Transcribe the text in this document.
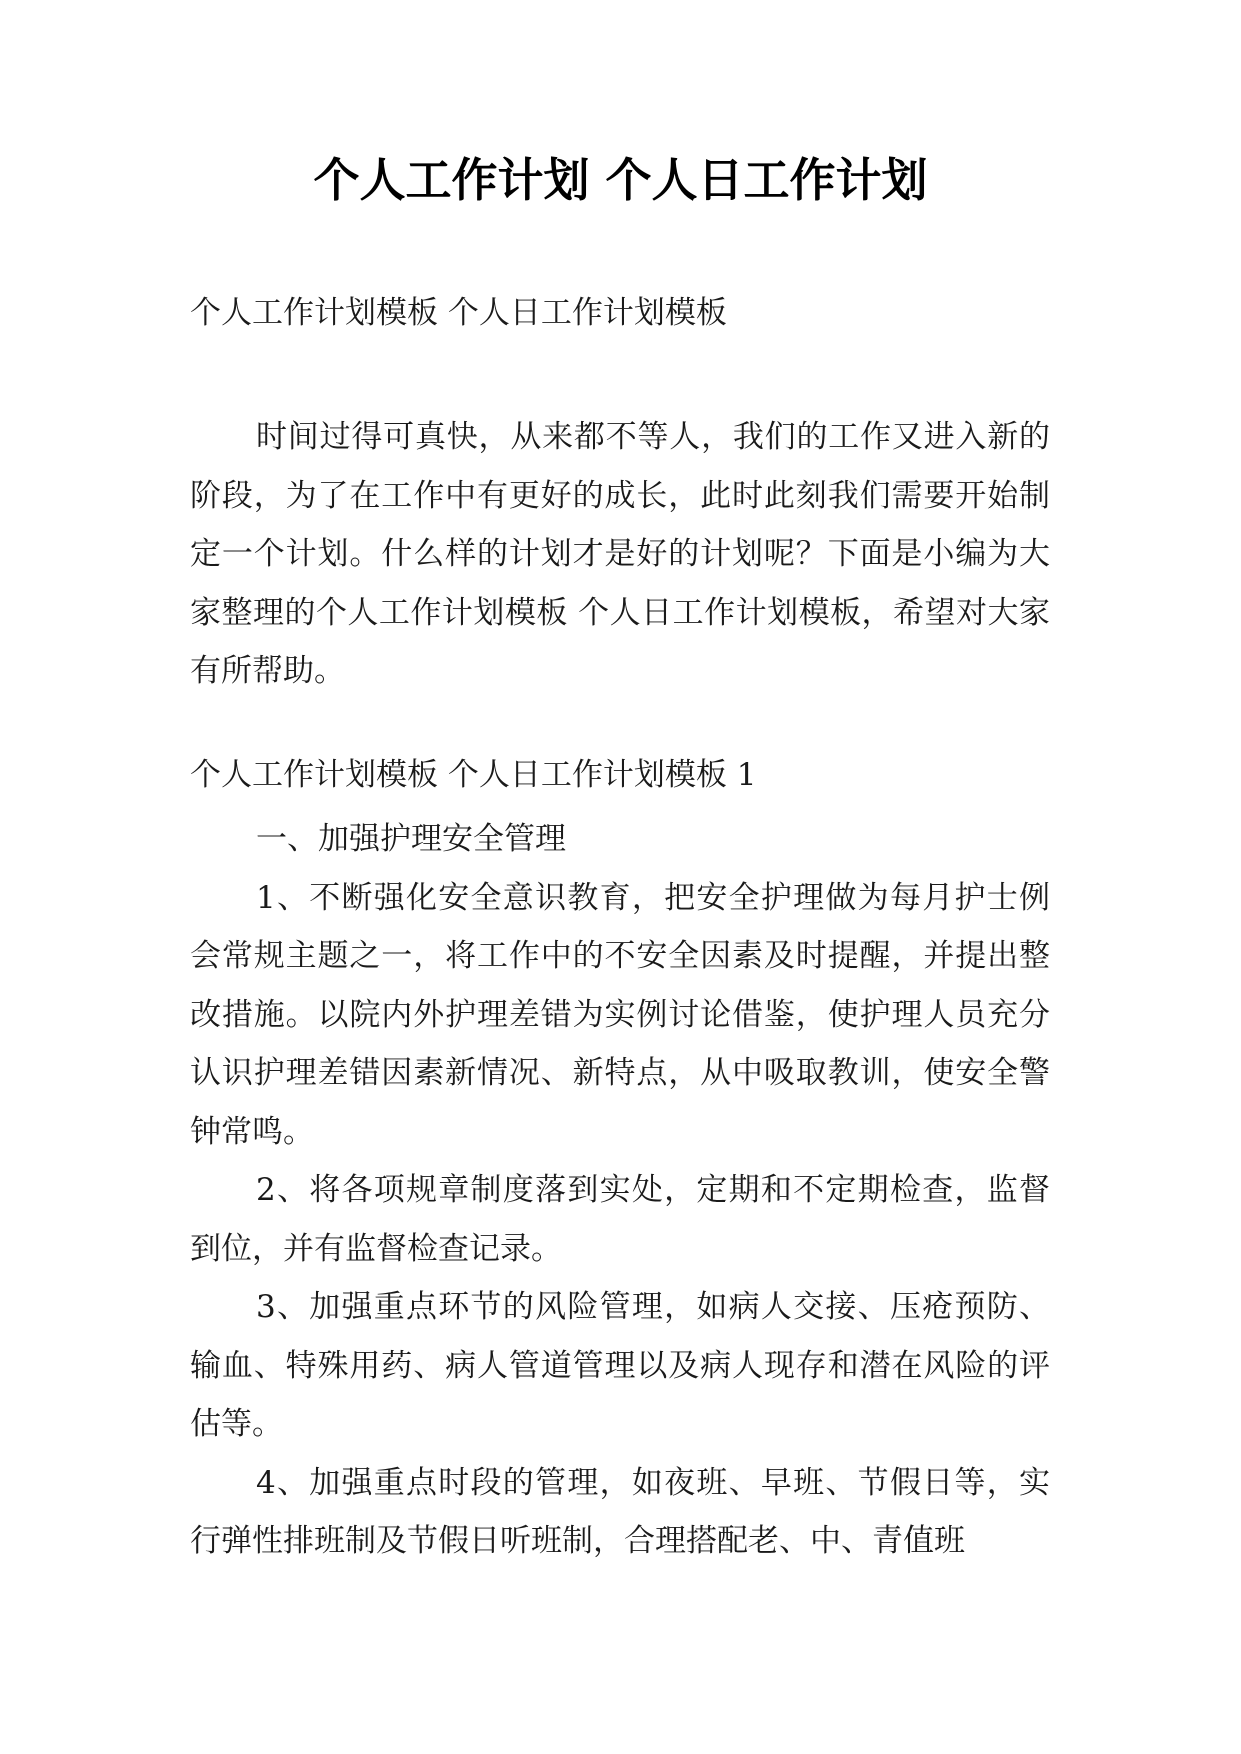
个人工作计划 个人日工作计划
个人工作计划模板 个人日工作计划模板
时间过得可真快，从来都不等人，我们的工作又进入新的阶段，为了在工作中有更好的成长，此时此刻我们需要开始制定一个计划。什么样的计划才是好的计划呢？下面是小编为大家整理的个人工作计划模板 个人日工作计划模板，希望对大家有所帮助。
个人工作计划模板 个人日工作计划模板 1

一、加强护理安全管理

1、不断强化安全意识教育，把安全护理做为每月护士例会常规主题之一，将工作中的不安全因素及时提醒，并提出整改措施。以院内外护理差错为实例讨论借鉴，使护理人员充分认识护理差错因素新情况、新特点，从中吸取教训，使安全警钟常鸣。

2、将各项规章制度落到实处，定期和不定期检查，监督到位，并有监督检查记录。

3、加强重点环节的风险管理，如病人交接、压疮预防、输血、特殊用药、病人管道管理以及病人现存和潜在风险的评估等。

4、加强重点时段的管理，如夜班、早班、节假日等，实行弹性排班制及节假日听班制，合理搭配老、中、青值班
